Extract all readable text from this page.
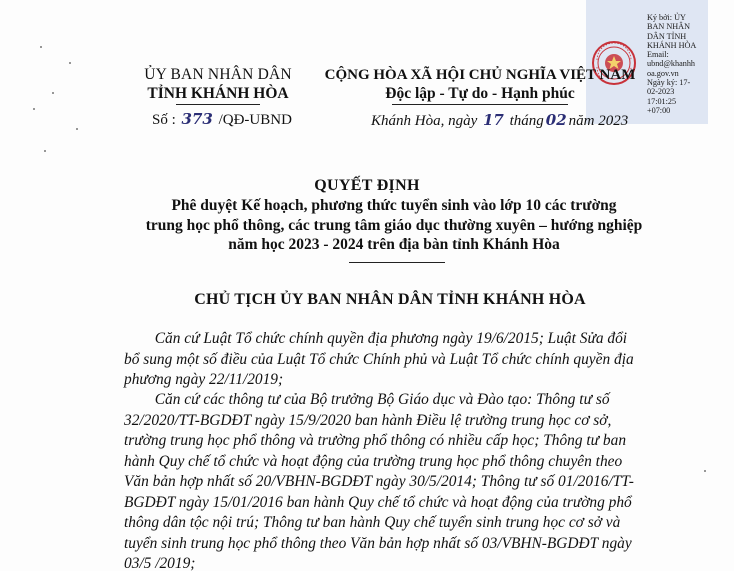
Ký bởi: ỦY
BAN NHÂN
DÂN TỈNH
KHÁNH HÒA
Email:
ubnd@khanhh
oa.gov.vn
Ngày ký: 17-
02-2023
17:01:25
+07:00
ỦY BAN NHÂN DÂN
TỈNH KHÁNH HÒA
Số : 373 /QĐ-UBND
CỘNG HÒA XÃ HỘI CHỦ NGHĨA VIỆT NAM
Độc lập - Tự do - Hạnh phúc
Khánh Hòa, ngày 17 tháng 02 năm 2023
QUYẾT ĐỊNH
Phê duyệt Kế hoạch, phương thức tuyển sinh vào lớp 10 các trường
trung học phổ thông, các trung tâm giáo dục thường xuyên – hướng nghiệp
năm học 2023 - 2024 trên địa bàn tỉnh Khánh Hòa
CHỦ TỊCH ỦY BAN NHÂN DÂN TỈNH KHÁNH HÒA
Căn cứ Luật Tổ chức chính quyền địa phương ngày 19/6/2015; Luật Sửa đổi
bổ sung một số điều của Luật Tổ chức Chính phủ và Luật Tổ chức chính quyền địa
phương ngày 22/11/2019;
Căn cứ các thông tư của Bộ trưởng Bộ Giáo dục và Đào tạo: Thông tư số
32/2020/TT-BGDĐT ngày 15/9/2020 ban hành Điều lệ trường trung học cơ sở,
trường trung học phổ thông và trường phổ thông có nhiều cấp học; Thông tư ban
hành Quy chế tổ chức và hoạt động của trường trung học phổ thông chuyên theo
Văn bản hợp nhất số 20/VBHN-BGDĐT ngày 30/5/2014; Thông tư số 01/2016/TT-
BGDĐT ngày 15/01/2016 ban hành Quy chế tổ chức và hoạt động của trường phổ
thông dân tộc nội trú; Thông tư ban hành Quy chế tuyển sinh trung học cơ sở và
tuyển sinh trung học phổ thông theo Văn bản hợp nhất số 03/VBHN-BGDĐT ngày
03/5 /2019;
